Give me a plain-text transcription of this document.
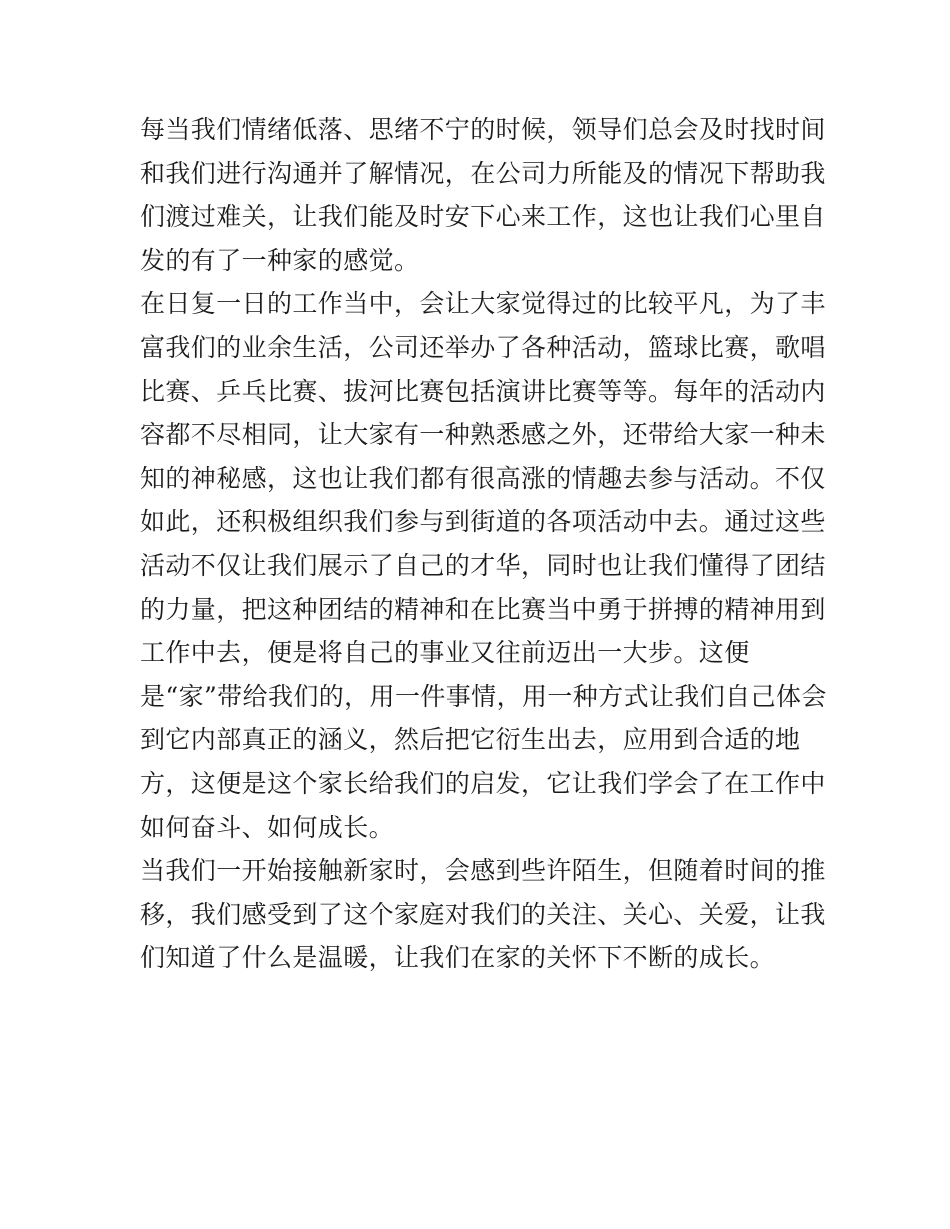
每当我们情绪低落、思绪不宁的时候，领导们总会及时找时间
和我们进行沟通并了解情况，在公司力所能及的情况下帮助我
们渡过难关，让我们能及时安下心来工作，这也让我们心里自
发的有了一种家的感觉。
在日复一日的工作当中，会让大家觉得过的比较平凡，为了丰
富我们的业余生活，公司还举办了各种活动，篮球比赛，歌唱
比赛、乒乓比赛、拔河比赛包括演讲比赛等等。每年的活动内
容都不尽相同，让大家有一种熟悉感之外，还带给大家一种未
知的神秘感，这也让我们都有很高涨的情趣去参与活动。不仅
如此，还积极组织我们参与到街道的各项活动中去。通过这些
活动不仅让我们展示了自己的才华，同时也让我们懂得了团结
的力量，把这种团结的精神和在比赛当中勇于拼搏的精神用到
工作中去，便是将自己的事业又往前迈出一大步。这便
是“家”带给我们的，用一件事情，用一种方式让我们自己体会
到它内部真正的涵义，然后把它衍生出去，应用到合适的地
方，这便是这个家长给我们的启发，它让我们学会了在工作中
如何奋斗、如何成长。
当我们一开始接触新家时，会感到些许陌生，但随着时间的推
移，我们感受到了这个家庭对我们的关注、关心、关爱，让我
们知道了什么是温暖，让我们在家的关怀下不断的成长。
